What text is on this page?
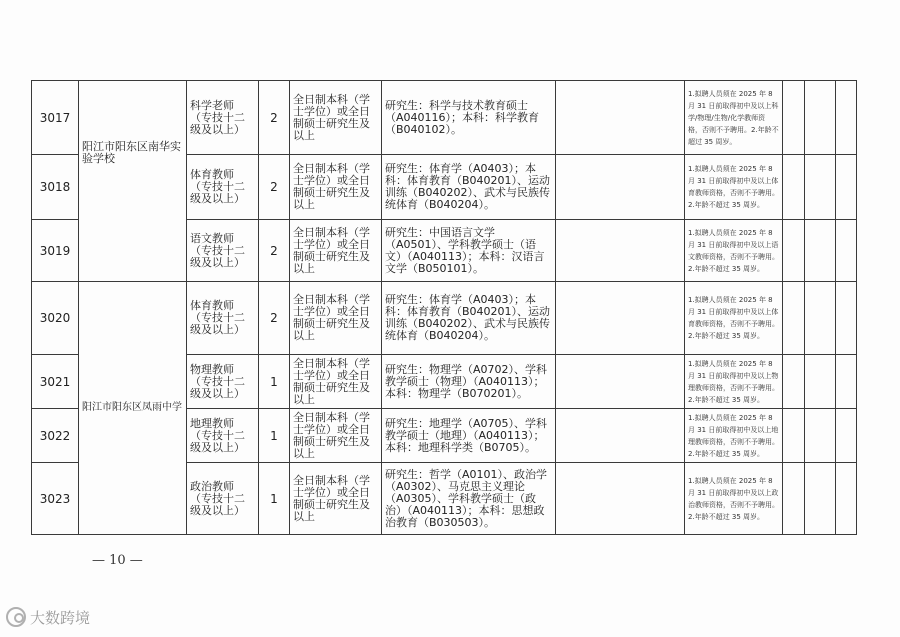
3017	阳江市阳东区南华实验学校	科学老师（专技十二级及以上）	2	全日制本科（学士学位）或全日制硕士研究生及以上	研究生：科学与技术教育硕士（A040116）；本科：科学教育（B040102）。		1.拟聘人员须在 2025 年 8 月 31 日前取得初中及以上科学/物理/生物/化学教师资格，否则不予聘用。2.年龄不超过 35 周岁。			
3018		体育教师（专技十二级及以上）	2	全日制本科（学士学位）或全日制硕士研究生及以上	研究生：体育学（A0403）；本科：体育教育（B040201）、运动训练（B040202）、武术与民族传统体育（B040204）。		1.拟聘人员须在 2025 年 8 月 31 日前取得初中及以上体育教师资格，否则不予聘用。2.年龄不超过 35 周岁。			
3019		语文教师（专技十二级及以上）	2	全日制本科（学士学位）或全日制硕士研究生及以上	研究生：中国语言文学（A0501）、学科教学硕士（语文）（A040113）；本科：汉语言文学（B050101）。		1.拟聘人员须在 2025 年 8 月 31 日前取得初中及以上语文教师资格，否则不予聘用。2.年龄不超过 35 周岁。			
3020	阳江市阳东区凤雨中学	体育教师（专技十二级及以上）	2	全日制本科（学士学位）或全日制硕士研究生及以上	研究生：体育学（A0403）；本科：体育教育（B040201）、运动训练（B040202）、武术与民族传统体育（B040204）。		1.拟聘人员须在 2025 年 8 月 31 日前取得初中及以上体育教师资格，否则不予聘用。2.年龄不超过 35 周岁。			
3021		物理教师（专技十二级及以上）	1	全日制本科（学士学位）或全日制硕士研究生及以上	研究生：物理学（A0702）、学科教学硕士（物理）（A040113）；本科：物理学（B070201）。		1.拟聘人员须在 2025 年 8 月 31 日前取得初中及以上物理教师资格，否则不予聘用。2.年龄不超过 35 周岁。			
3022		地理教师（专技十二级及以上）	1	全日制本科（学士学位）或全日制硕士研究生及以上	研究生：地理学（A0705）、学科教学硕士（地理）（A040113）；本科：地理科学类（B0705）。		1.拟聘人员须在 2025 年 8 月 31 日前取得初中及以上地理教师资格，否则不予聘用。2.年龄不超过 35 周岁。			
3023		政治教师（专技十二级及以上）	1	全日制本科（学士学位）或全日制硕士研究生及以上	研究生：哲学（A0101）、政治学（A0302）、马克思主义理论（A0305）、学科教学硕士（政治）（A040113）；本科：思想政治教育（B030503）。		1.拟聘人员须在 2025 年 8 月 31 日前取得初中及以上政治教师资格，否则不予聘用。2.年龄不超过 35 周岁。			
— 10 —
大数跨境
